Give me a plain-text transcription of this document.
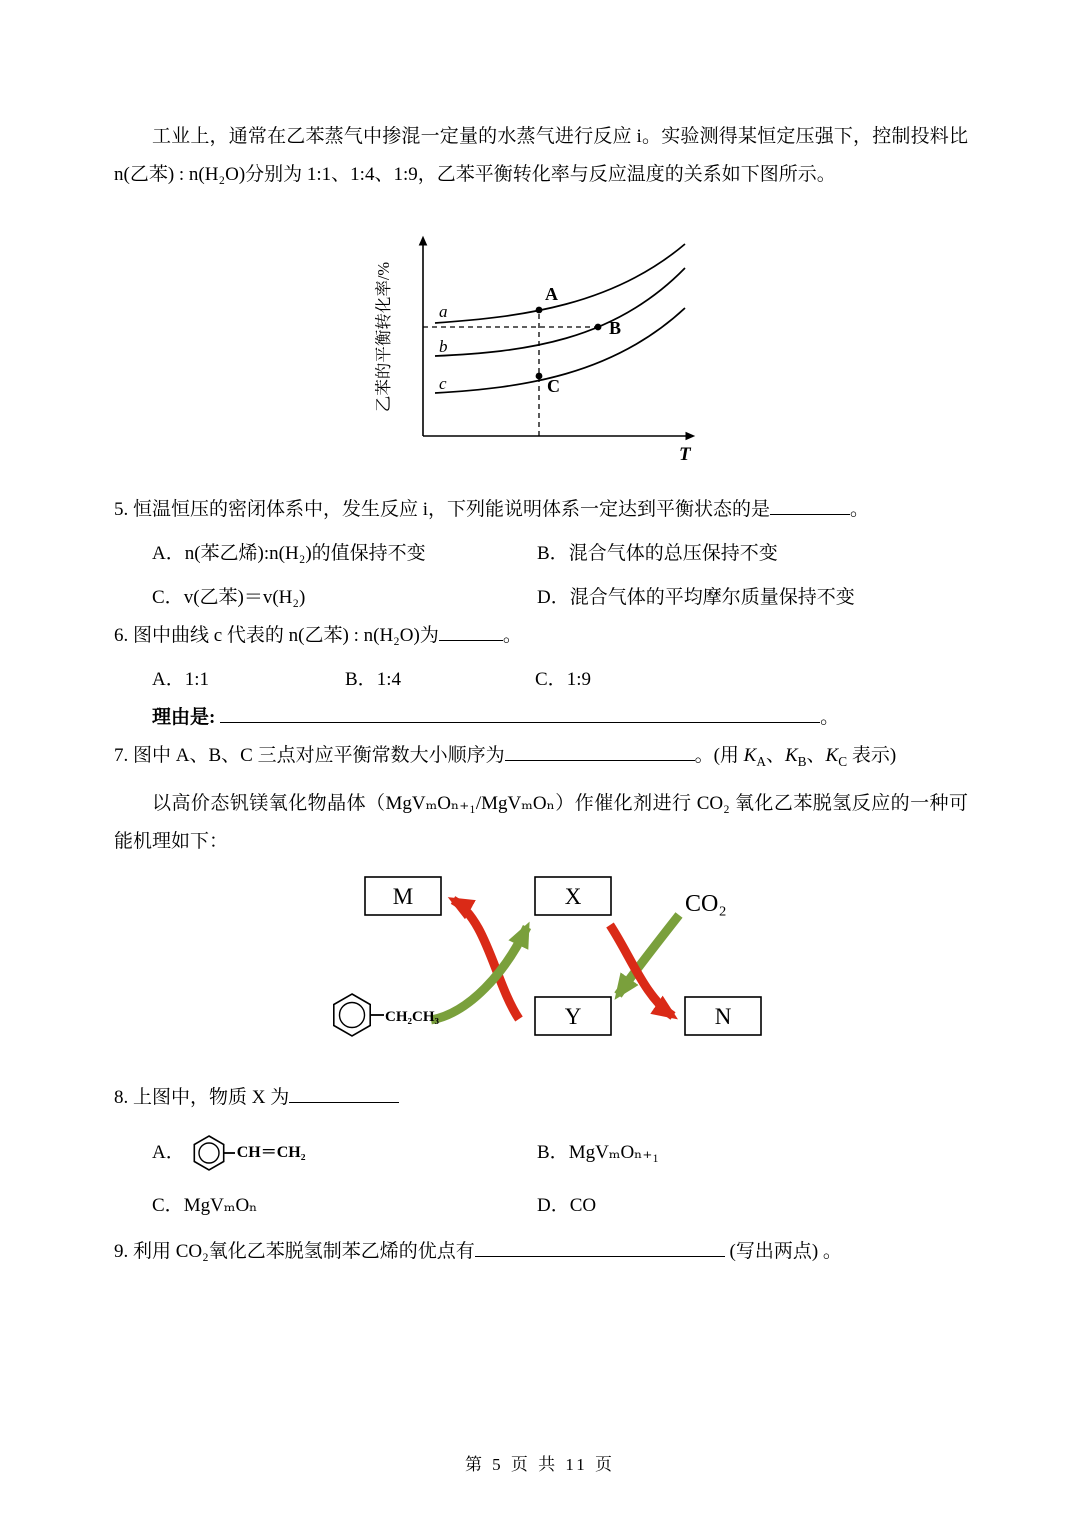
工业上，通常在乙苯蒸气中掺混一定量的水蒸气进行反应 i。实验测得某恒定压强下，控制投料比 n(乙苯) : n(H₂O)分别为 1:1、1:4、1:9，乙苯平衡转化率与反应温度的关系如下图所示。

乙苯的平衡转化率/%
T
a
b
c
A
B
C

5. 恒温恒压的密闭体系中，发生反应 i，下列能说明体系一定达到平衡状态的是	。

A．n(苯乙烯):n(H₂)的值保持不变	B．混合气体的总压保持不变
C．v(乙苯)＝v(H₂)	D．混合气体的平均摩尔质量保持不变

6. 图中曲线 c 代表的 n(乙苯) : n(H₂O)为	。

A．1:1	B．1:4	C．1:9

理由是:	。

7. 图中 A、B、C 三点对应平衡常数大小顺序为	。(用 $K_A$、$K_B$、$K_C$ 表示)

以高价态钒镁氧化物晶体（MgVₘOₙ₊₁/MgVₘOₙ）作催化剂进行 CO₂ 氧化乙苯脱氢反应的一种可能机理如下：

M	X
Y	N
CO₂
CH₂CH₃

8. 上图中，物质 X 为

A．	CH＝CH₂	B．MgVₘOₙ₊₁
C．MgVₘOₙ	D．CO

9. 利用 CO₂氧化乙苯脱氢制苯乙烯的优点有	(写出两点) 。

第 5 页 共 11 页
